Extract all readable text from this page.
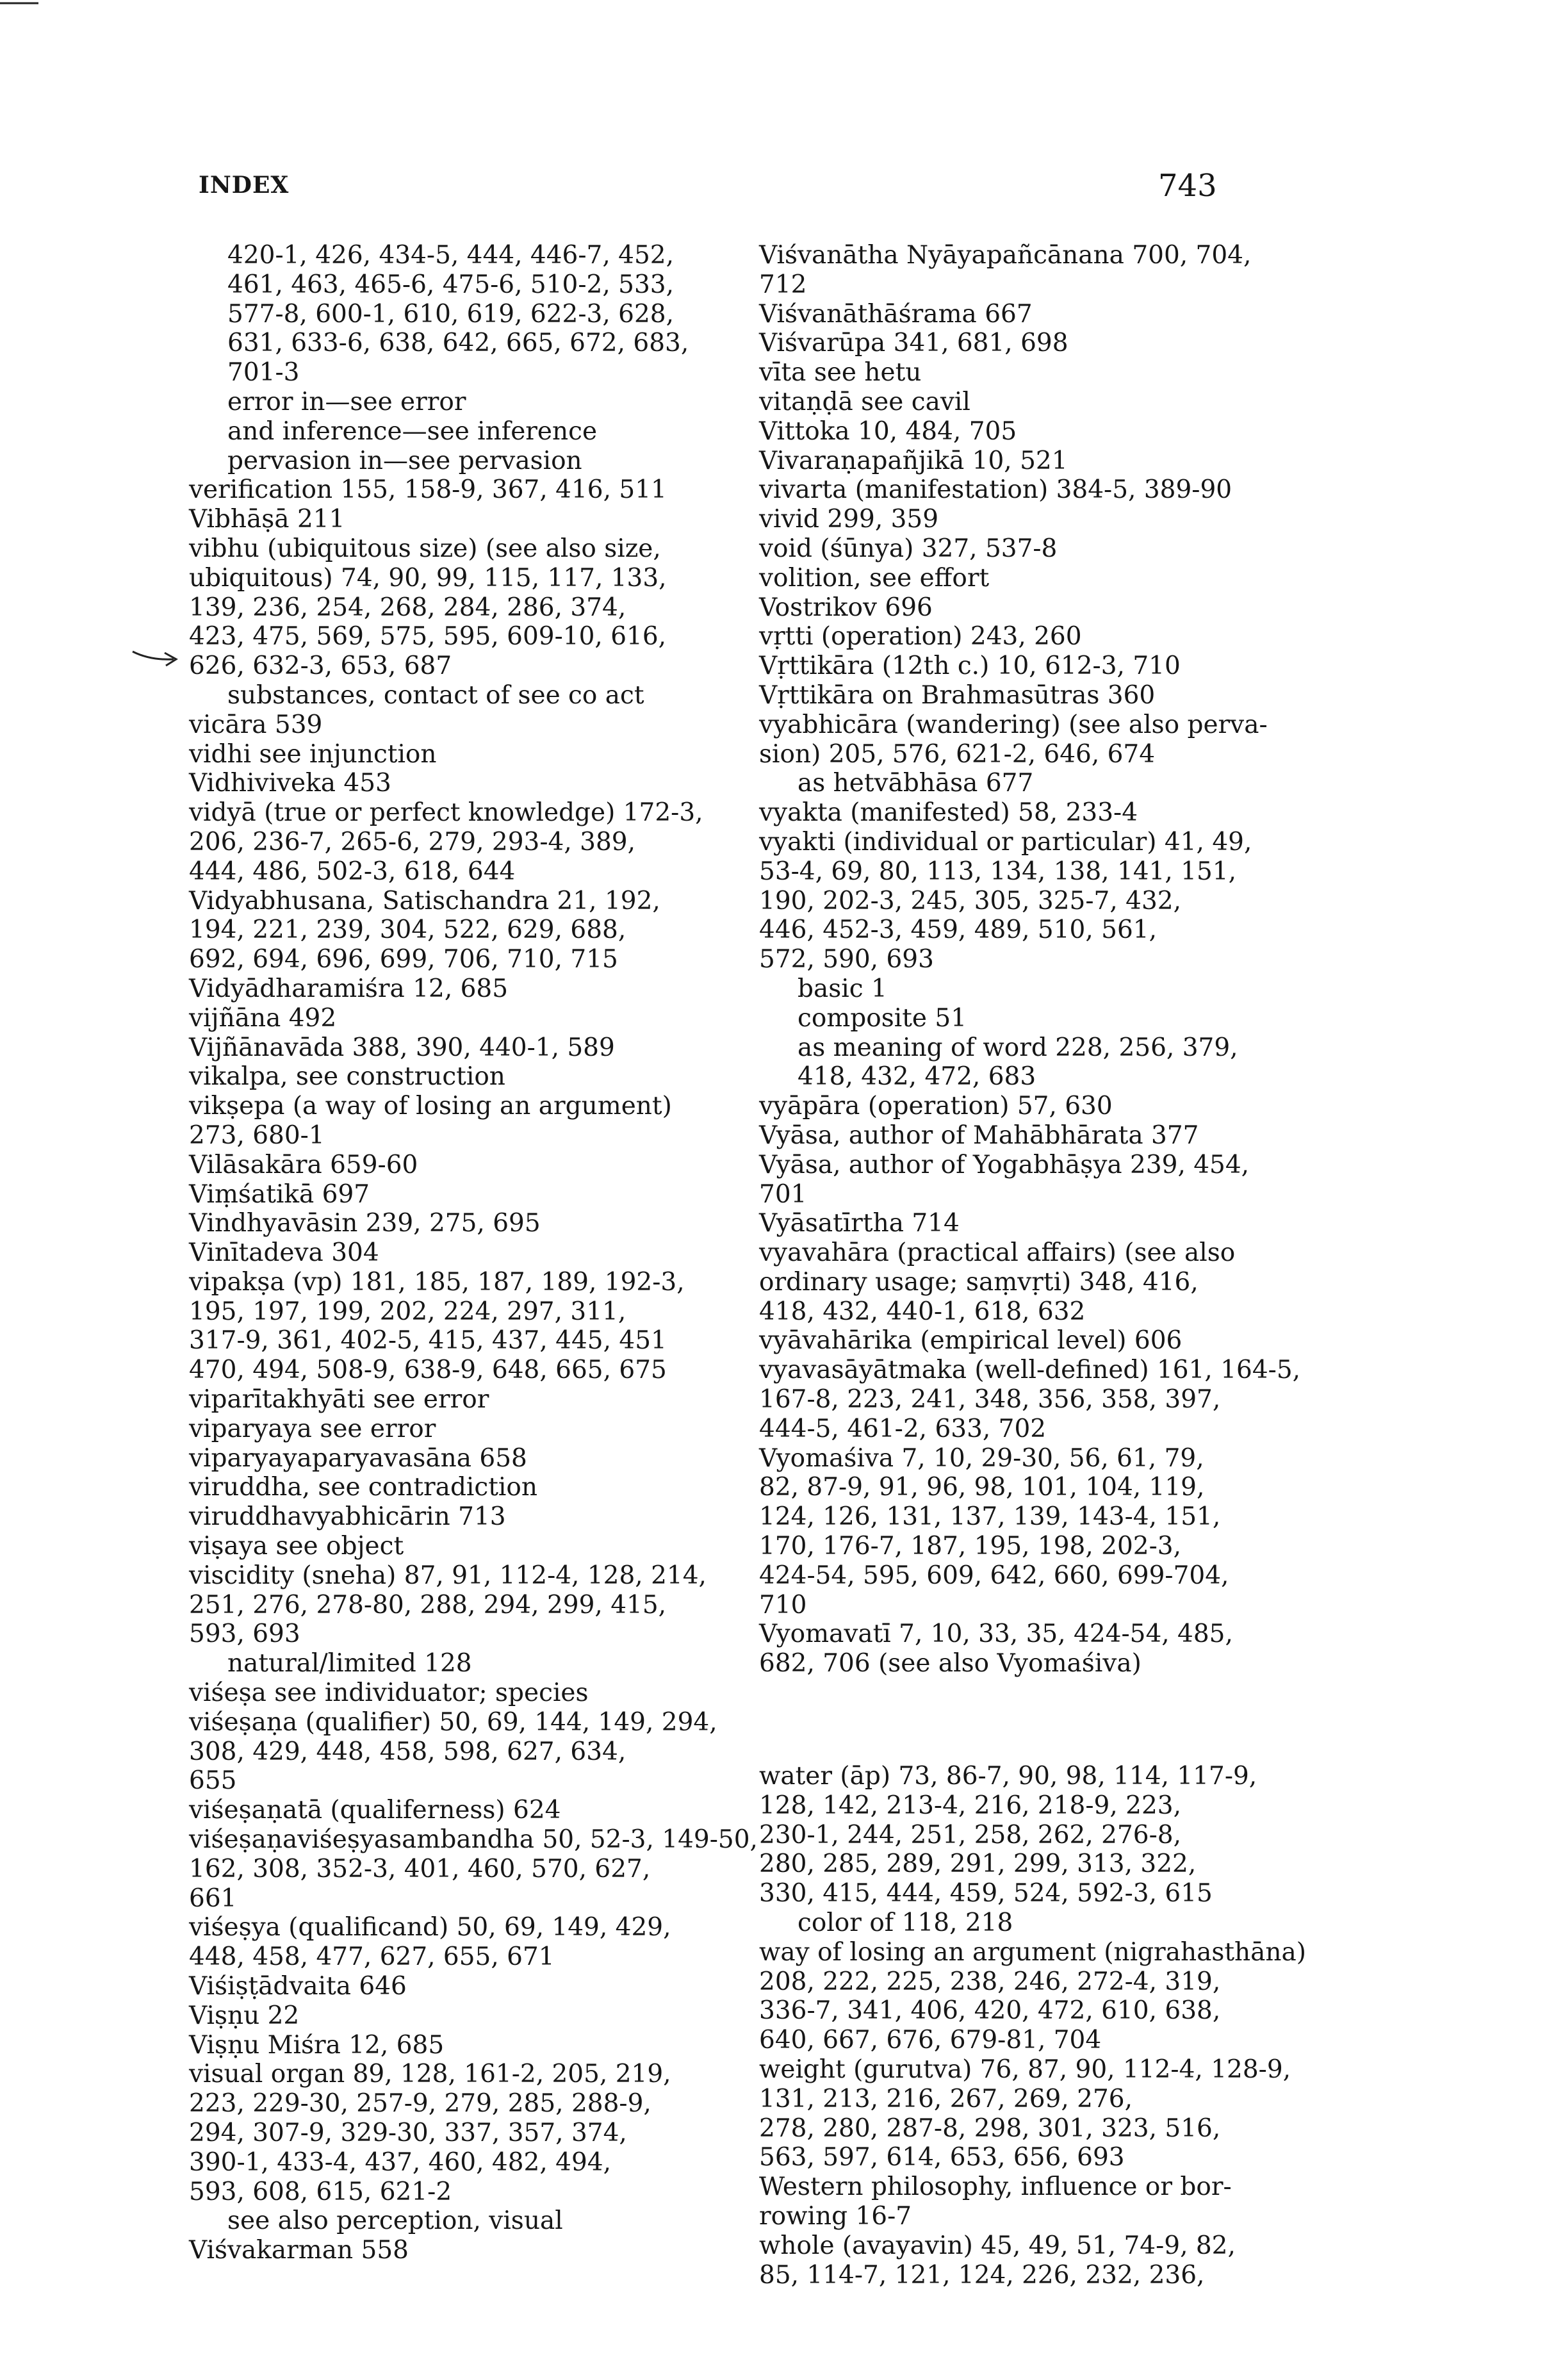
INDEX	743
420-1, 426, 434-5, 444, 446-7, 452,
461, 463, 465-6, 475-6, 510-2, 533,
577-8, 600-1, 610, 619, 622-3, 628,
631, 633-6, 638, 642, 665, 672, 683,
701-3
error in—see error
and inference—see inference
pervasion in—see pervasion
verification 155, 158-9, 367, 416, 511
Vibhāṣā 211
vibhu (ubiquitous size) (see also size,
ubiquitous) 74, 90, 99, 115, 117, 133,
139, 236, 254, 268, 284, 286, 374,
423, 475, 569, 575, 595, 609-10, 616,
626, 632-3, 653, 687
substances, contact of see co act
vicāra 539
vidhi see injunction
Vidhiviveka 453
vidyā (true or perfect knowledge) 172-3,
206, 236-7, 265-6, 279, 293-4, 389,
444, 486, 502-3, 618, 644
Vidyabhusana, Satischandra 21, 192,
194, 221, 239, 304, 522, 629, 688,
692, 694, 696, 699, 706, 710, 715
Vidyādharamiśra 12, 685
vijñāna 492
Vijñānavāda 388, 390, 440-1, 589
vikalpa, see construction
vikṣepa (a way of losing an argument)
273, 680-1
Vilāsakāra 659-60
Viṃśatikā 697
Vindhyavāsin 239, 275, 695
Vinītadeva 304
vipakṣa (vp) 181, 185, 187, 189, 192-3,
195, 197, 199, 202, 224, 297, 311,
317-9, 361, 402-5, 415, 437, 445, 451
470, 494, 508-9, 638-9, 648, 665, 675
viparītakhyāti see error
viparyaya see error
viparyayaparyavasāna 658
viruddha, see contradiction
viruddhavyabhicārin 713
viṣaya see object
viscidity (sneha) 87, 91, 112-4, 128, 214,
251, 276, 278-80, 288, 294, 299, 415,
593, 693
natural/limited 128
viśeṣa see individuator; species
viśeṣaṇa (qualifier) 50, 69, 144, 149, 294,
308, 429, 448, 458, 598, 627, 634,
655
viśeṣaṇatā (qualiferness) 624
viśeṣaṇaviśeṣyasambandha 50, 52-3, 149-50,
162, 308, 352-3, 401, 460, 570, 627,
661
viśeṣya (qualificand) 50, 69, 149, 429,
448, 458, 477, 627, 655, 671
Viśiṣṭādvaita 646
Viṣṇu 22
Viṣṇu Miśra 12, 685
visual organ 89, 128, 161-2, 205, 219,
223, 229-30, 257-9, 279, 285, 288-9,
294, 307-9, 329-30, 337, 357, 374,
390-1, 433-4, 437, 460, 482, 494,
593, 608, 615, 621-2
see also perception, visual
Viśvakarman 558
Viśvanātha Nyāyapañcānana 700, 704,
712
Viśvanāthāśrama 667
Viśvarūpa 341, 681, 698
vīta see hetu
vitaṇḍā see cavil
Vittoka 10, 484, 705
Vivaraṇapañjikā 10, 521
vivarta (manifestation) 384-5, 389-90
vivid 299, 359
void (śūnya) 327, 537-8
volition, see effort
Vostrikov 696
vṛtti (operation) 243, 260
Vṛttikāra (12th c.) 10, 612-3, 710
Vṛttikāra on Brahmasūtras 360
vyabhicāra (wandering) (see also perva-
sion) 205, 576, 621-2, 646, 674
as hetvābhāsa 677
vyakta (manifested) 58, 233-4
vyakti (individual or particular) 41, 49,
53-4, 69, 80, 113, 134, 138, 141, 151,
190, 202-3, 245, 305, 325-7, 432,
446, 452-3, 459, 489, 510, 561,
572, 590, 693
basic 1
composite 51
as meaning of word 228, 256, 379,
418, 432, 472, 683
vyāpāra (operation) 57, 630
Vyāsa, author of Mahābhārata 377
Vyāsa, author of Yogabhāṣya 239, 454,
701
Vyāsatīrtha 714
vyavahāra (practical affairs) (see also
ordinary usage; saṃvṛti) 348, 416,
418, 432, 440-1, 618, 632
vyāvahārika (empirical level) 606
vyavasāyātmaka (well-defined) 161, 164-5,
167-8, 223, 241, 348, 356, 358, 397,
444-5, 461-2, 633, 702
Vyomaśiva 7, 10, 29-30, 56, 61, 79,
82, 87-9, 91, 96, 98, 101, 104, 119,
124, 126, 131, 137, 139, 143-4, 151,
170, 176-7, 187, 195, 198, 202-3,
424-54, 595, 609, 642, 660, 699-704,
710
Vyomavatī 7, 10, 33, 35, 424-54, 485,
682, 706 (see also Vyomaśiva)
water (āp) 73, 86-7, 90, 98, 114, 117-9,
128, 142, 213-4, 216, 218-9, 223,
230-1, 244, 251, 258, 262, 276-8,
280, 285, 289, 291, 299, 313, 322,
330, 415, 444, 459, 524, 592-3, 615
color of 118, 218
way of losing an argument (nigrahasthāna)
208, 222, 225, 238, 246, 272-4, 319,
336-7, 341, 406, 420, 472, 610, 638,
640, 667, 676, 679-81, 704
weight (gurutva) 76, 87, 90, 112-4, 128-9,
131, 213, 216, 267, 269, 276,
278, 280, 287-8, 298, 301, 323, 516,
563, 597, 614, 653, 656, 693
Western philosophy, influence or bor-
rowing 16-7
whole (avayavin) 45, 49, 51, 74-9, 82,
85, 114-7, 121, 124, 226, 232, 236,
